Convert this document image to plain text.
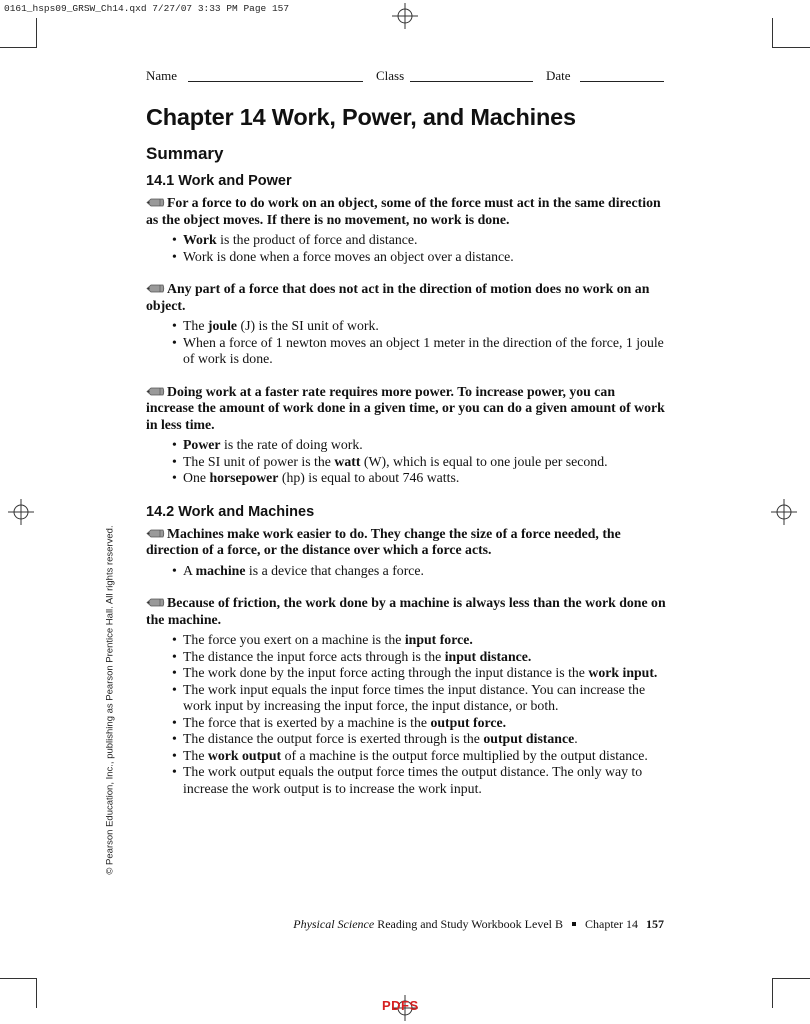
0161_hsps09_GRSW_Ch14.qxd 7/27/07 3:33 PM Page 157
Name	Class	Date
Chapter 14 Work, Power, and Machines
Summary
14.1 Work and Power

For a force to do work on an object, some of the force must act in the same direction as the object moves. If there is no movement, no work is done.

• Work is the product of force and distance.
• Work is done when a force moves an object over a distance.

Any part of a force that does not act in the direction of motion does no work on an object.

• The joule (J) is the SI unit of work.
• When a force of 1 newton moves an object 1 meter in the direction of the force, 1 joule of work is done.

Doing work at a faster rate requires more power. To increase power, you can increase the amount of work done in a given time, or you can do a given amount of work in less time.

• Power is the rate of doing work.
• The SI unit of power is the watt (W), which is equal to one joule per second.
• One horsepower (hp) is equal to about 746 watts.
14.2 Work and Machines

Machines make work easier to do. They change the size of a force needed, the direction of a force, or the distance over which a force acts.

• A machine is a device that changes a force.

Because of friction, the work done by a machine is always less than the work done on the machine.

• The force you exert on a machine is the input force.
• The distance the input force acts through is the input distance.
• The work done by the input force acting through the input distance is the work input.
• The work input equals the input force times the input distance. You can increase the work input by increasing the input force, the input distance, or both.
• The force that is exerted by a machine is the output force.
• The distance the output force is exerted through is the output distance.
• The work output of a machine is the output force multiplied by the output distance.
• The work output equals the output force times the output distance. The only way to increase the work output is to increase the work input.
© Pearson Education, Inc., publishing as Pearson Prentice Hall. All rights reserved.
Physical Science Reading and Study Workbook Level B Chapter 14 157
PDFS
